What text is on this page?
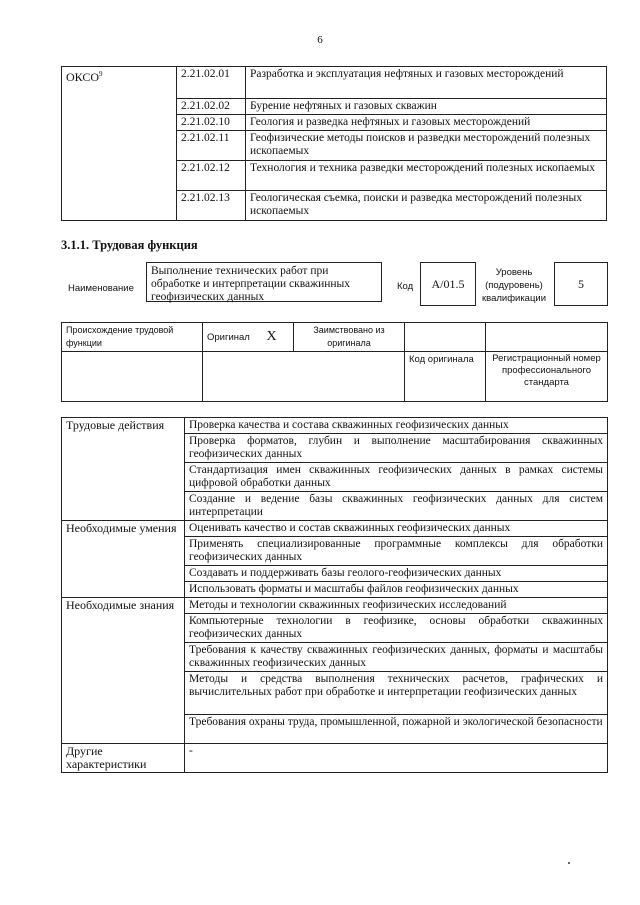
6
ОКСО$^9$	2.21.02.01	Разработка и эксплуатация нефтяных и газовых месторождений
	2.21.02.02	Бурение нефтяных и газовых скважин
	2.21.02.10	Геология и разведка нефтяных и газовых месторождений
	2.21.02.11	Геофизические методы поисков и разведки месторождений полезных ископаемых
	2.21.02.12	Технология и техника разведки месторождений полезных ископаемых
	2.21.02.13	Геологическая съемка, поиски и разведка месторождений полезных ископаемых
3.1.1. Трудовая функция
Наименование
Выполнение технических работ при обработке и интерпретации скважинных геофизических данных
Код	A/01.5
Уровень (подуровень) квалификации
5
Происхождение трудовой функции	Оригинал X	Заимствовано из оригинала		
			Код оригинала	Регистрационный номер профессионального стандарта
Трудовые действия	Проверка качества и состава скважинных геофизических данных
	Проверка форматов, глубин и выполнение масштабирования скважинных геофизических данных
	Стандартизация имен скважинных геофизических данных в рамках системы цифровой обработки данных
	Создание и ведение базы скважинных геофизических данных для систем интерпретации
Необходимые умения	Оценивать качество и состав скважинных геофизических данных
	Применять специализированные программные комплексы для обработки геофизических данных
	Создавать и поддерживать базы геолого-геофизических данных
	Использовать форматы и масштабы файлов геофизических данных
Необходимые знания	Методы и технологии скважинных геофизических исследований
	Компьютерные технологии в геофизике, основы обработки скважинных геофизических данных
	Требования к качеству скважинных геофизических данных, форматы и масштабы скважинных геофизических данных
	Методы и средства выполнения технических расчетов, графических и вычислительных работ при обработке и интерпретации геофизических данных
	Требования охраны труда, промышленной, пожарной и экологической безопасности
Другие характеристики	-
